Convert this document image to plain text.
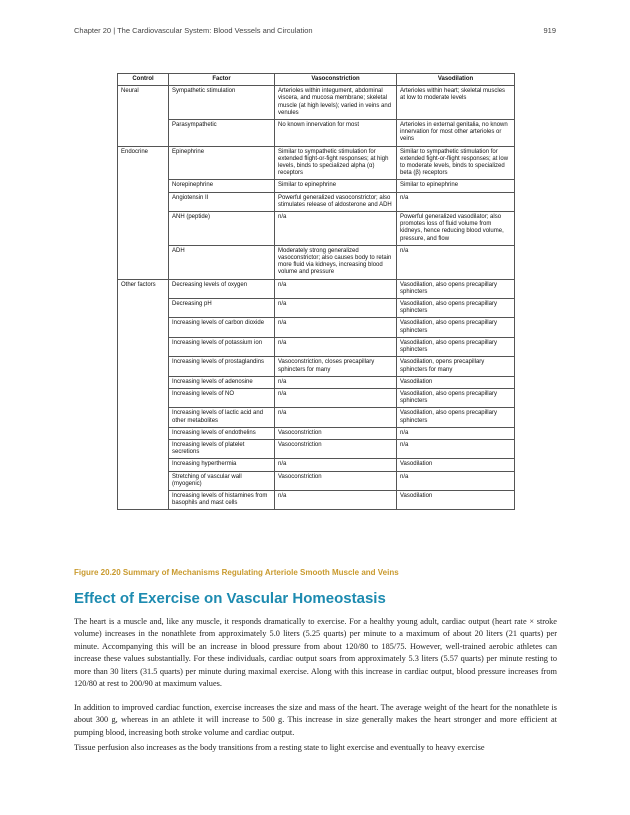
Chapter 20 | The Cardiovascular System: Blood Vessels and Circulation	919
Control	Factor	Vasoconstriction	Vasodilation
Neural	Sympathetic stimulation	Arterioles within integument, abdominal viscera, and mucosa membrane; skeletal muscle (at high levels); varied in veins and venules	Arterioles within heart; skeletal muscles at low to moderate levels
	Parasympathetic	No known innervation for most	Arterioles in external genitalia, no known innervation for most other arterioles or veins
Endocrine	Epinephrine	Similar to sympathetic stimulation for extended flight-or-fight responses; at high levels, binds to specialized alpha (α) receptors	Similar to sympathetic stimulation for extended fight-or-flight responses; at low to moderate levels, binds to specialized beta (β) receptors
	Norepinephrine	Similar to epinephrine	Similar to epinephrine
	Angiotensin II	Powerful generalized vasoconstrictor; also stimulates release of aldosterone and ADH	n/a
	ANH (peptide)	n/a	Powerful generalized vasodilator; also promotes loss of fluid volume from kidneys, hence reducing blood volume, pressure, and flow
	ADH	Moderately strong generalized vasoconstrictor; also causes body to retain more fluid via kidneys, increasing blood volume and pressure	n/a
Other factors	Decreasing levels of oxygen	n/a	Vasodilation, also opens precapillary sphincters
	Decreasing pH	n/a	Vasodilation, also opens precapillary sphincters
	Increasing levels of carbon dioxide	n/a	Vasodilation, also opens precapillary sphincters
	Increasing levels of potassium ion	n/a	Vasodilation, also opens precapillary sphincters
	Increasing levels of prostaglandins	Vasoconstriction, closes precapillary sphincters for many	Vasodilation, opens precapillary sphincters for many
	Increasing levels of adenosine	n/a	Vasodilation
	Increasing levels of NO	n/a	Vasodilation, also opens precapillary sphincters
	Increasing levels of lactic acid and other metabolites	n/a	Vasodilation, also opens precapillary sphincters
	Increasing levels of endothelins	Vasoconstriction	n/a
	Increasing levels of platelet secretions	Vasoconstriction	n/a
	Increasing hyperthermia	n/a	Vasodilation
	Stretching of vascular wall (myogenic)	Vasoconstriction	n/a
	Increasing levels of histamines from basophils and mast cells	n/a	Vasodilation
Figure 20.20 Summary of Mechanisms Regulating Arteriole Smooth Muscle and Veins
Effect of Exercise on Vascular Homeostasis

The heart is a muscle and, like any muscle, it responds dramatically to exercise. For a healthy young adult, cardiac output (heart rate × stroke volume) increases in the nonathlete from approximately 5.0 liters (5.25 quarts) per minute to a maximum of about 20 liters (21 quarts) per minute. Accompanying this will be an increase in blood pressure from about 120/80 to 185/75. However, well-trained aerobic athletes can increase these values substantially. For these individuals, cardiac output soars from approximately 5.3 liters (5.57 quarts) per minute resting to more than 30 liters (31.5 quarts) per minute during maximal exercise. Along with this increase in cardiac output, blood pressure increases from 120/80 at rest to 200/90 at maximum values.

In addition to improved cardiac function, exercise increases the size and mass of the heart. The average weight of the heart for the nonathlete is about 300 g, whereas in an athlete it will increase to 500 g. This increase in size generally makes the heart stronger and more efficient at pumping blood, increasing both stroke volume and cardiac output.

Tissue perfusion also increases as the body transitions from a resting state to light exercise and eventually to heavy exercise
